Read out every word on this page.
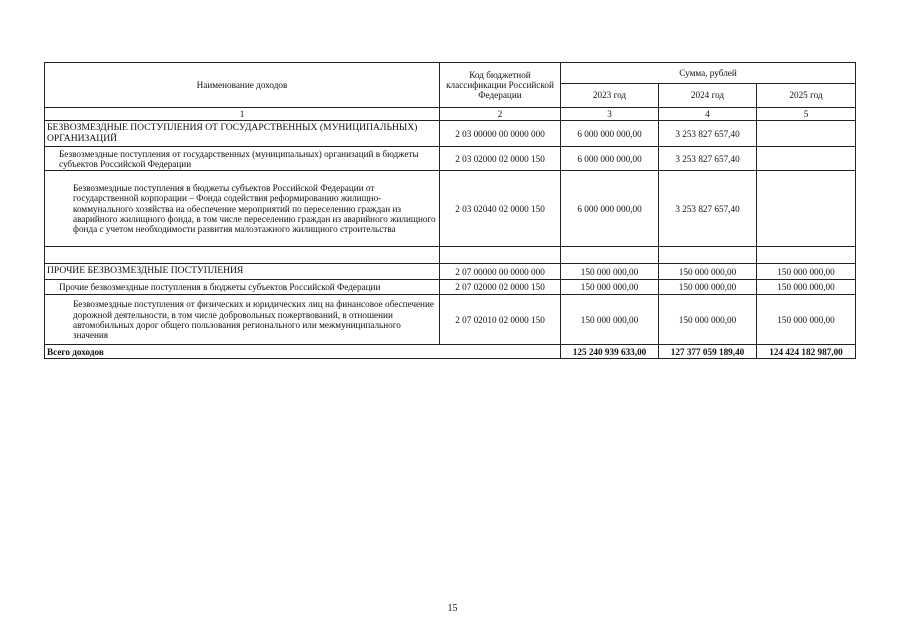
Наименование доходов	Код бюджетной классификации Российской Федерации	Сумма, рублей		
		2023 год	2024 год	2025 год
1	2	3	4	5
БЕЗВОЗМЕЗДНЫЕ ПОСТУПЛЕНИЯ ОТ ГОСУДАРСТВЕННЫХ (МУНИЦИПАЛЬНЫХ) ОРГАНИЗАЦИЙ	2 03 00000 00 0000 000	6 000 000 000,00	3 253 827 657,40	
Безвозмездные поступления от государственных (муниципальных) организаций в бюджеты субъектов Российской Федерации	2 03 02000 02 0000 150	6 000 000 000,00	3 253 827 657,40	
Безвозмездные поступления в бюджеты субъектов Российской Федерации от государственной корпорации – Фонда содействия реформированию жилищно-коммунального хозяйства на обеспечение мероприятий по переселению граждан из аварийного жилищного фонда, в том числе переселению граждан из аварийного жилищного фонда с учетом необходимости развития малоэтажного жилищного строительства	2 03 02040 02 0000 150	6 000 000 000,00	3 253 827 657,40	

ПРОЧИЕ БЕЗВОЗМЕЗДНЫЕ ПОСТУПЛЕНИЯ	2 07 00000 00 0000 000	150 000 000,00	150 000 000,00	150 000 000,00
Прочие безвозмездные поступления в бюджеты субъектов Российской Федерации	2 07 02000 02 0000 150	150 000 000,00	150 000 000,00	150 000 000,00
Безвозмездные поступления от физических и юридических лиц на финансовое обеспечение дорожной деятельности, в том числе добровольных пожертвований, в отношении автомобильных дорог общего пользования регионального или межмуниципального значения	2 07 02010 02 0000 150	150 000 000,00	150 000 000,00	150 000 000,00
Всего доходов		125 240 939 633,00	127 377 059 189,40	124 424 182 987,00
15
